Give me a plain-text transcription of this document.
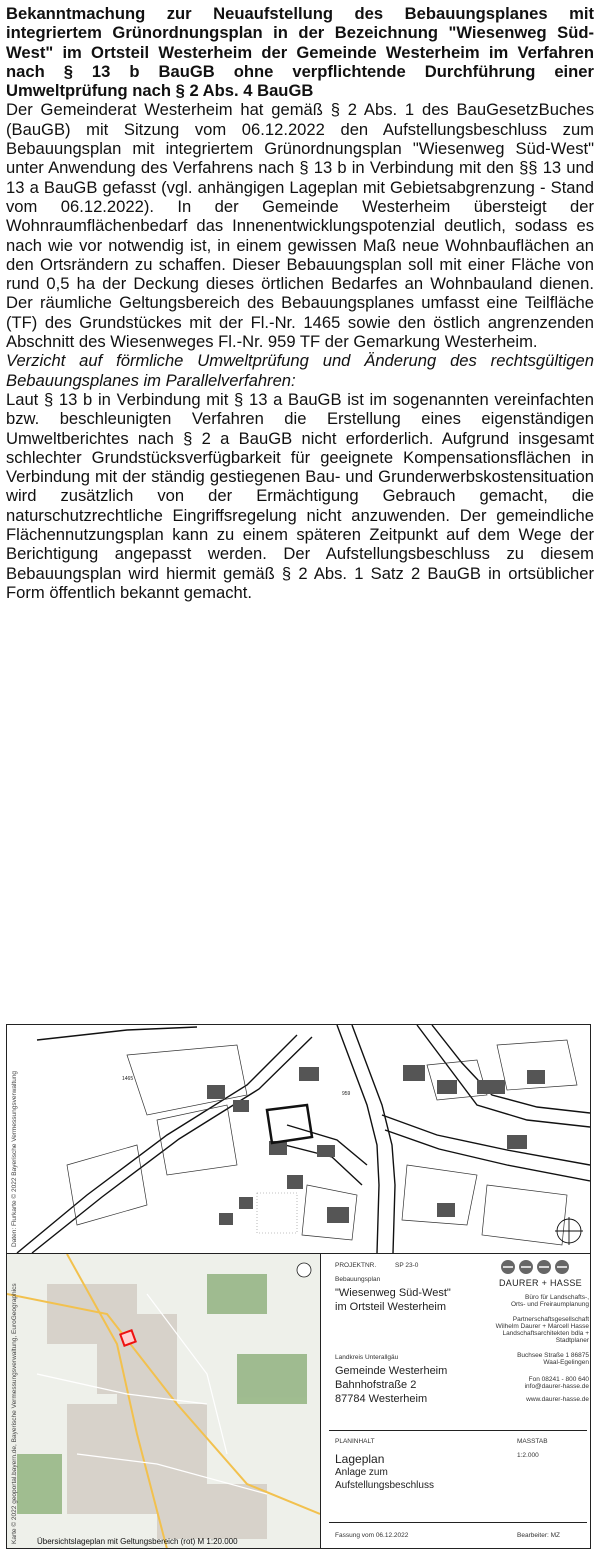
Bekanntmachung zur Neuaufstellung des Bebauungsplanes mit integriertem Grünordnungsplan in der Bezeichnung "Wiesenweg Süd-West" im Ortsteil Westerheim der Gemeinde Westerheim im Verfahren nach § 13 b BauGB ohne verpflichtende Durchführung einer Umweltprüfung nach § 2 Abs. 4 BauGB

Der Gemeinderat Westerheim hat gemäß § 2 Abs. 1 des BauGesetzBuches (BauGB) mit Sitzung vom 06.12.2022 den Aufstellungsbeschluss zum Bebauungsplan mit integriertem Grünordnungsplan "Wiesenweg Süd-West" unter Anwendung des Verfahrens nach § 13 b in Verbindung mit den §§ 13 und 13 a BauGB gefasst (vgl. anhängigen Lageplan mit Gebietsabgrenzung - Stand vom 06.12.2022). In der Gemeinde Westerheim übersteigt der Wohnraumflächenbedarf das Innenentwicklungspotenzial deutlich, sodass es nach wie vor notwendig ist, in einem gewissen Maß neue Wohnbauflächen an den Ortsrändern zu schaffen. Dieser Bebauungsplan soll mit einer Fläche von rund 0,5 ha der Deckung dieses örtlichen Bedarfes an Wohnbauland dienen. Der räumliche Geltungsbereich des Bebauungsplanes umfasst eine Teilfläche (TF) des Grundstückes mit der Fl.-Nr. 1465 sowie den östlich angrenzenden Abschnitt des Wiesenweges Fl.-Nr. 959 TF der Gemarkung Westerheim.

Verzicht auf förmliche Umweltprüfung und Änderung des rechtsgültigen Bebauungsplanes im Parallelverfahren:

Laut § 13 b in Verbindung mit § 13 a BauGB ist im sogenannten vereinfachten bzw. beschleunigten Verfahren die Erstellung eines eigenständigen Umweltberichtes nach § 2 a BauGB nicht erforderlich. Aufgrund insgesamt schlechter Grundstücksverfügbarkeit für geeignete Kompensationsflächen in Verbindung mit der ständig gestiegenen Bau- und Grunderwerbskostensituation wird zusätzlich von der Ermächtigung Gebrauch gemacht, die naturschutzrechtliche Eingriffsregelung nicht anzuwenden. Der gemeindliche Flächennutzungsplan kann zu einem späteren Zeitpunkt auf dem Wege der Berichtigung angepasst werden. Der Aufstellungsbeschluss zu diesem Bebauungsplan wird hiermit gemäß § 2 Abs. 1 Satz 2 BauGB in ortsüblicher Form öffentlich bekannt gemacht.

1465
959
Daten: Flurkarte © 2022 Bayerische Vermessungsverwaltung
Karte © 2022 geoportal.bayern.de, Bayerische Vermessungsverwaltung, EuroGeographics Übersichtslageplan mit Geltungsbereich (rot) M 1:20.000
PROJEKTNR.	SP 23-0
Bebauungsplan
"Wiesenweg Süd-West"
im Ortsteil Westerheim
DAURER + HASSE
Büro für Landschafts-, Orts- und Freiraumplanung
Partnerschaftsgesellschaft Wilhelm Daurer + Marcell Hasse Landschaftsarchitekten bdla + Stadtplaner
Buchsee Straße 1 86875 Waal-Egelingen
Fon 08241 - 800 640 info@daurer-hasse.de
www.daurer-hasse.de
Landkreis Unterallgäu
Gemeinde Westerheim
Bahnhofstraße 2
87784 Westerheim
PLANINHALT
Lageplan
Anlage zum
Aufstellungsbeschluss
MASSTAB
1:2.000
Fassung vom 06.12.2022	Bearbeiter: MZ
